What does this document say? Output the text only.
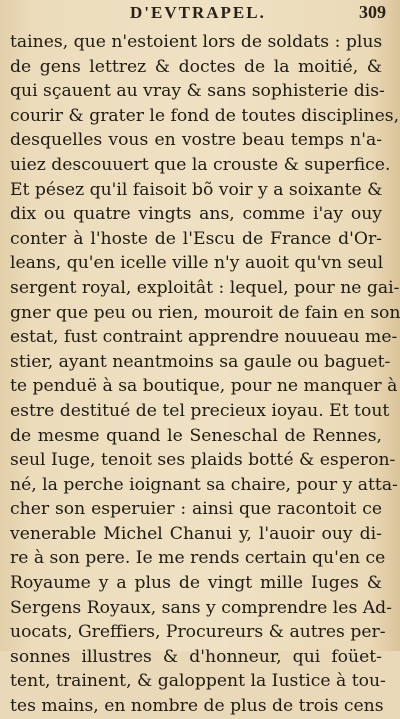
D'EVTRAPEL.	309
taines, que n'estoient lors de soldats : plus
de gens lettrez & doctes de la moitié, &
qui sçauent au vray & sans sophisterie dis-
courir & grater le fond de toutes disciplines,
desquelles vous en vostre beau temps n'a-
uiez descouuert que la crouste & superfice.
Et pésez qu'il faisoit bõ voir y a soixante &
dix ou quatre vingts ans, comme i'ay ouy
conter à l'hoste de l'Escu de France d'Or-
leans, qu'en icelle ville n'y auoit qu'vn seul
sergent royal, exploitât : lequel, pour ne gai-
gner que peu ou rien, mouroit de fain en son
estat, fust contraint apprendre nouueau me-
stier, ayant neantmoins sa gaule ou baguet-
te penduë à sa boutique, pour ne manquer à
estre destitué de tel precieux ioyau. Et tout
de mesme quand le Seneschal de Rennes,
seul Iuge, tenoit ses plaids botté & esperon-
né, la perche ioignant sa chaire, pour y atta-
cher son esperuier : ainsi que racontoit ce
venerable Michel Chanui y, l'auoir ouy di-
re à son pere. Ie me rends certain qu'en ce
Royaume y a plus de vingt mille Iuges &
Sergens Royaux, sans y comprendre les Ad-
uocats, Greffiers, Procureurs & autres per-
sonnes illustres & d'honneur, qui foüet-
tent, trainent, & galoppent la Iustice à tou-
tes mains, en nombre de plus de trois cens
